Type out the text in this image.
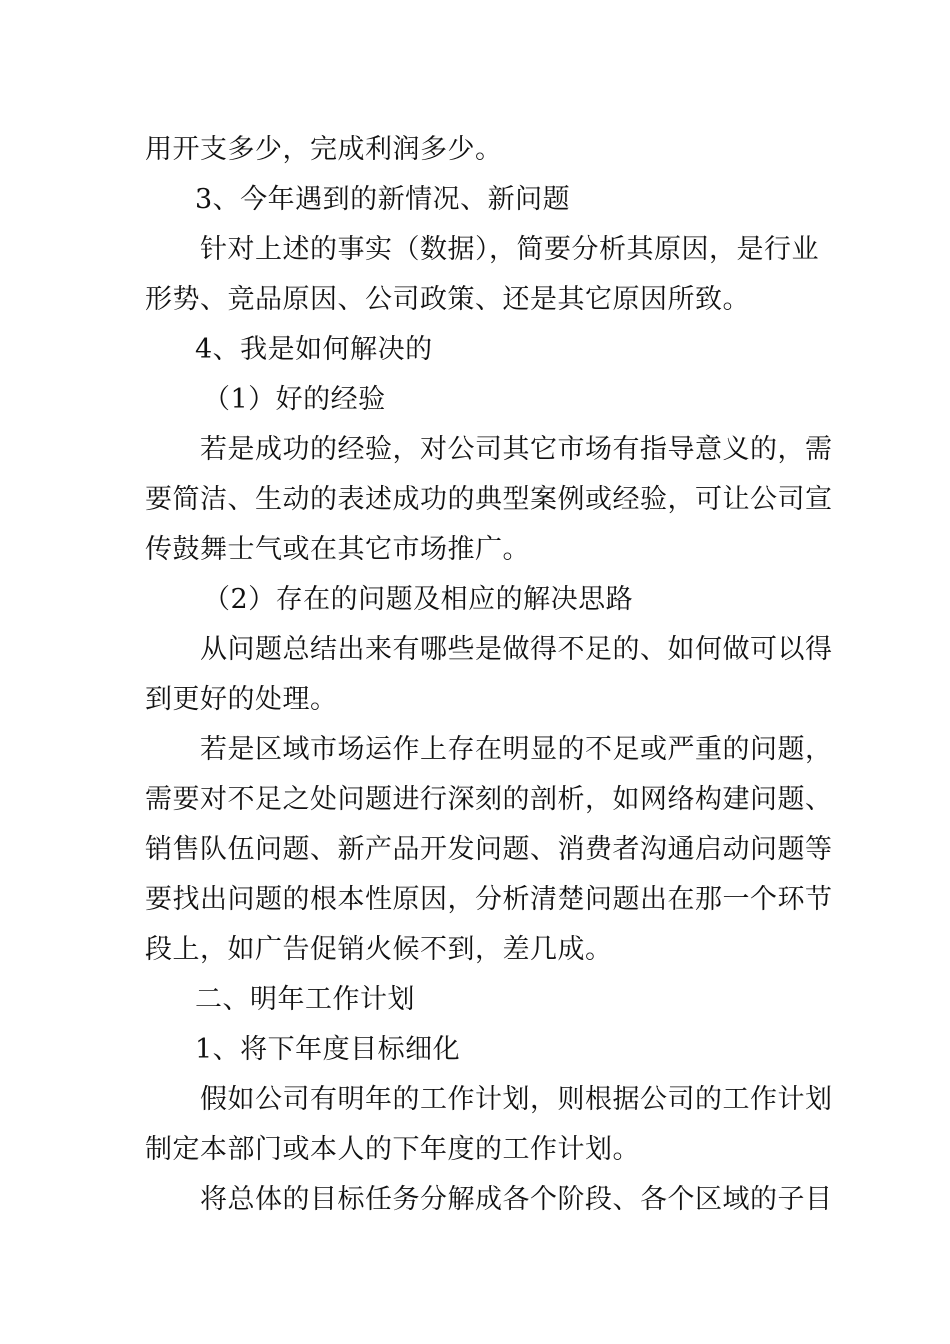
用开支多少，完成利润多少。
3、今年遇到的新情况、新问题
针对上述的事实（数据），简要分析其原因，是行业
形势、竞品原因、公司政策、还是其它原因所致。
4、我是如何解决的
（1）好的经验
若是成功的经验，对公司其它市场有指导意义的，需
要简洁、生动的表述成功的典型案例或经验，可让公司宣
传鼓舞士气或在其它市场推广。
（2）存在的问题及相应的解决思路
从问题总结出来有哪些是做得不足的、如何做可以得
到更好的处理。
若是区域市场运作上存在明显的不足或严重的问题，
需要对不足之处问题进行深刻的剖析，如网络构建问题、
销售队伍问题、新产品开发问题、消费者沟通启动问题等
要找出问题的根本性原因，分析清楚问题出在那一个环节
段上，如广告促销火候不到，差几成。
二、明年工作计划
1、将下年度目标细化
假如公司有明年的工作计划，则根据公司的工作计划
制定本部门或本人的下年度的工作计划。
将总体的目标任务分解成各个阶段、各个区域的子目
